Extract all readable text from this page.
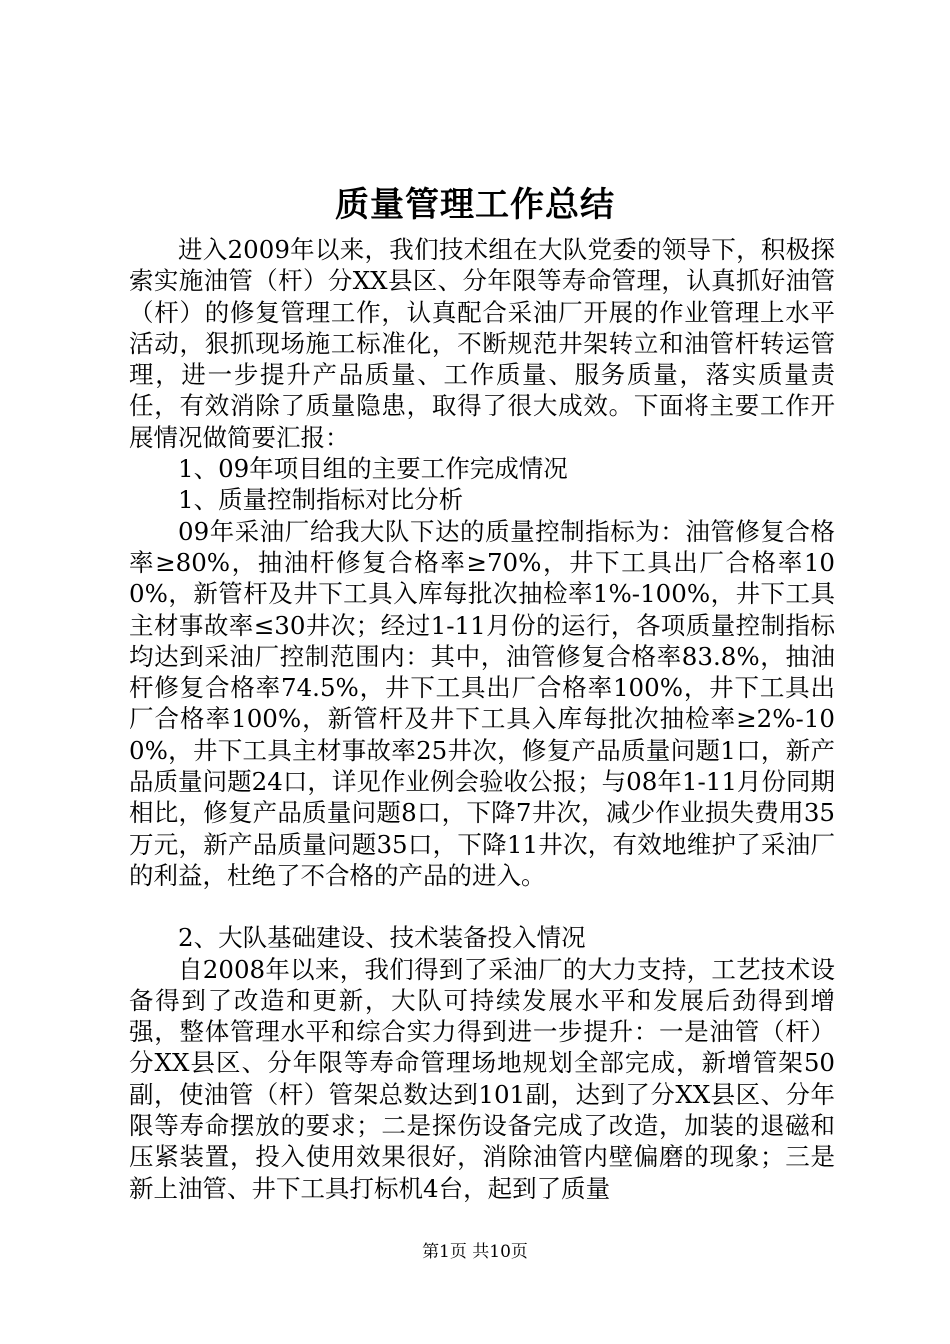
质量管理工作总结

进入2009年以来，我们技术组在大队党委的领导下，积极探索实施油管（杆）分XX县区、分年限等寿命管理，认真抓好油管（杆）的修复管理工作，认真配合采油厂开展的作业管理上水平活动，狠抓现场施工标准化，不断规范井架转立和油管杆转运管理，进一步提升产品质量、工作质量、服务质量，落实质量责任，有效消除了质量隐患，取得了很大成效。下面将主要工作开展情况做简要汇报：

1、09年项目组的主要工作完成情况

1、质量控制指标对比分析

09年采油厂给我大队下达的质量控制指标为：油管修复合格率≥80%，抽油杆修复合格率≥70%，井下工具出厂合格率100%，新管杆及井下工具入库每批次抽检率1%-100%，井下工具主材事故率≤30井次；经过1-11月份的运行，各项质量控制指标均达到采油厂控制范围内：其中，油管修复合格率83.8%，抽油杆修复合格率74.5%，井下工具出厂合格率100%，井下工具出厂合格率100%，新管杆及井下工具入库每批次抽检率≥2%-100%，井下工具主材事故率25井次，修复产品质量问题1口，新产品质量问题24口，详见作业例会验收公报；与08年1-11月份同期相比，修复产品质量问题8口，下降7井次，减少作业损失费用35万元，新产品质量问题35口，下降11井次，有效地维护了采油厂的利益，杜绝了不合格的产品的进入。

2、大队基础建设、技术装备投入情况

自2008年以来，我们得到了采油厂的大力支持，工艺技术设备得到了改造和更新，大队可持续发展水平和发展后劲得到增强，整体管理水平和综合实力得到进一步提升：一是油管（杆）分XX县区、分年限等寿命管理场地规划全部完成，新增管架50副，使油管（杆）管架总数达到101副，达到了分XX县区、分年限等寿命摆放的要求；二是探伤设备完成了改造，加装的退磁和压紧装置，投入使用效果很好，消除油管内壁偏磨的现象；三是新上油管、井下工具打标机4台，起到了质量

第1页 共10页
